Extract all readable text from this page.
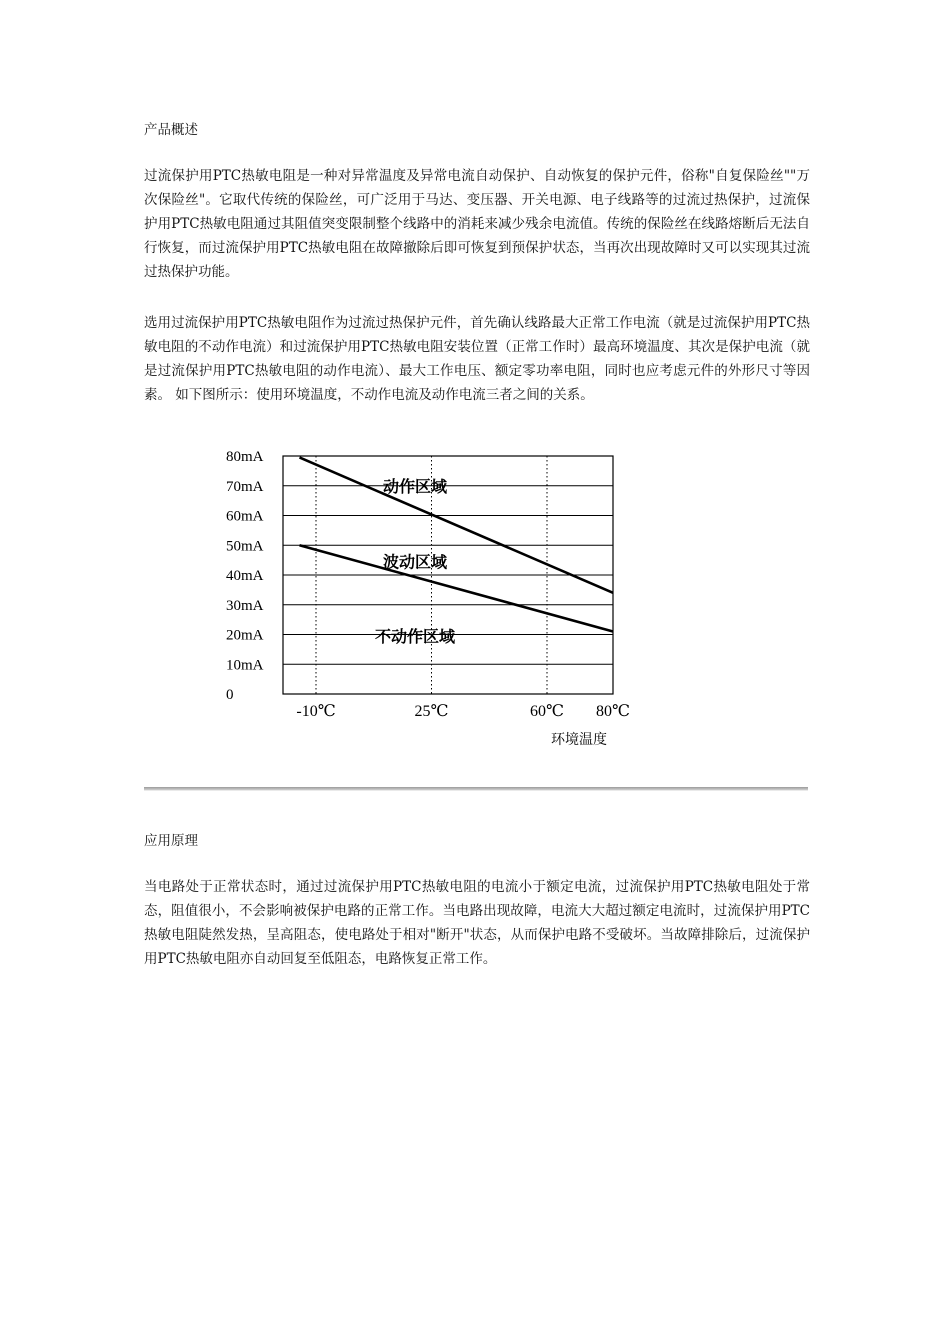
产品概述

过流保护用PTC热敏电阻是一种对异常温度及异常电流自动保护、自动恢复的保护元件，俗称"自复保险丝""万次保险丝"。它取代传统的保险丝，可广泛用于马达、变压器、开关电源、电子线路等的过流过热保护，过流保护用PTC热敏电阻通过其阻值突变限制整个线路中的消耗来减少残余电流值。传统的保险丝在线路熔断后无法自行恢复，而过流保护用PTC热敏电阻在故障撤除后即可恢复到预保护状态，当再次出现故障时又可以实现其过流过热保护功能。

选用过流保护用PTC热敏电阻作为过流过热保护元件，首先确认线路最大正常工作电流（就是过流保护用PTC热敏电阻的不动作电流）和过流保护用PTC热敏电阻安装位置（正常工作时）最高环境温度、其次是保护电流（就是过流保护用PTC热敏电阻的动作电流）、最大工作电压、额定零功率电阻，同时也应考虑元件的外形尺寸等因素。 如下图所示：使用环境温度，不动作电流及动作电流三者之间的关系。

0
10mA
20mA
30mA
40mA
50mA
60mA
70mA
80mA
-10℃	25℃	60℃ 80℃
环境温度
动作区域
波动区域
不动作区域
应用原理

当电路处于正常状态时，通过过流保护用PTC热敏电阻的电流小于额定电流，过流保护用PTC热敏电阻处于常态，阻值很小，不会影响被保护电路的正常工作。当电路出现故障，电流大大超过额定电流时，过流保护用PTC热敏电阻陡然发热，呈高阻态，使电路处于相对"断开"状态，从而保护电路不受破坏。当故障排除后，过流保护用PTC热敏电阻亦自动回复至低阻态，电路恢复正常工作。
